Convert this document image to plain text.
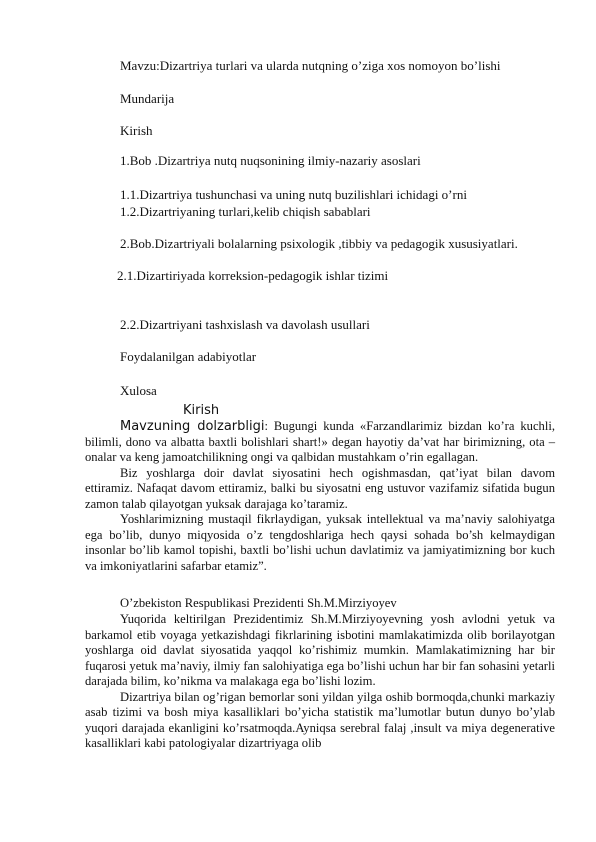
Mavzu:Dizartriya turlari va ularda nutqning o’ziga xos nomoyon bo’lishi
Mundarija
Kirish
1.Bob .Dizartriya nutq nuqsonining ilmiy-nazariy asoslari
1.1.Dizartriya tushunchasi va uning nutq buzilishlari ichidagi o’rni
1.2.Dizartriyaning turlari,kelib chiqish sabablari
2.Bob.Dizartriyali bolalarning psixologik ,tibbiy va pedagogik xususiyatlari.
2.1.Dizartiriyada korreksion-pedagogik ishlar tizimi
2.2.Dizartriyani tashxislash va davolash usullari
Foydalanilgan adabiyotlar
Xulosa
Kirish

Mavzuning dolzarbligi: Bugungi kunda «Farzandlarimiz bizdan ko’ra kuchli, bilimli, dono va albatta baxtli bolishlari shart!» degan hayotiy da’vat har birimizning, ota – onalar va keng jamoatchilikning ongi va qalbidan mustahkam o’rin egallagan.

Biz yoshlarga doir davlat siyosatini hech ogishmasdan, qat’iyat bilan davom ettiramiz. Nafaqat davom ettiramiz, balki bu siyosatni eng ustuvor vazifamiz sifatida bugun zamon talab qilayotgan yuksak darajaga ko’taramiz.

Yoshlarimizning mustaqil fikrlaydigan, yuksak intellektual va ma’naviy salohiyatga ega bo’lib, dunyo miqyosida o’z tengdoshlariga hech qaysi sohada bo’sh kelmaydigan insonlar bo’lib kamol topishi, baxtli bo’lishi uchun davlatimiz va jamiyatimizning bor kuch va imkoniyatlarini safarbar etamiz”.

O’zbekiston Respublikasi Prezidenti Sh.M.Mirziyoyev

Yuqorida keltirilgan Prezidentimiz Sh.M.Mirziyoyevning yosh avlodni yetuk va barkamol etib voyaga yetkazishdagi fikrlarining isbotini mamlakatimizda olib borilayotgan yoshlarga oid davlat siyosatida yaqqol ko’rishimiz mumkin. Mamlakatimizning har bir fuqarosi yetuk ma’naviy, ilmiy fan salohiyatiga ega bo’lishi uchun har bir fan sohasini yetarli darajada bilim, ko’nikma va malakaga ega bo’lishi lozim.

Dizartriya bilan og’rigan bemorlar soni yildan yilga oshib bormoqda,chunki markaziy asab tizimi va bosh miya kasalliklari bo’yicha statistik ma’lumotlar butun dunyo bo’ylab yuqori darajada ekanligini ko’rsatmoqda.Ayniqsa serebral falaj ,insult va miya degenerative kasalliklari kabi patologiyalar dizartriyaga olib
